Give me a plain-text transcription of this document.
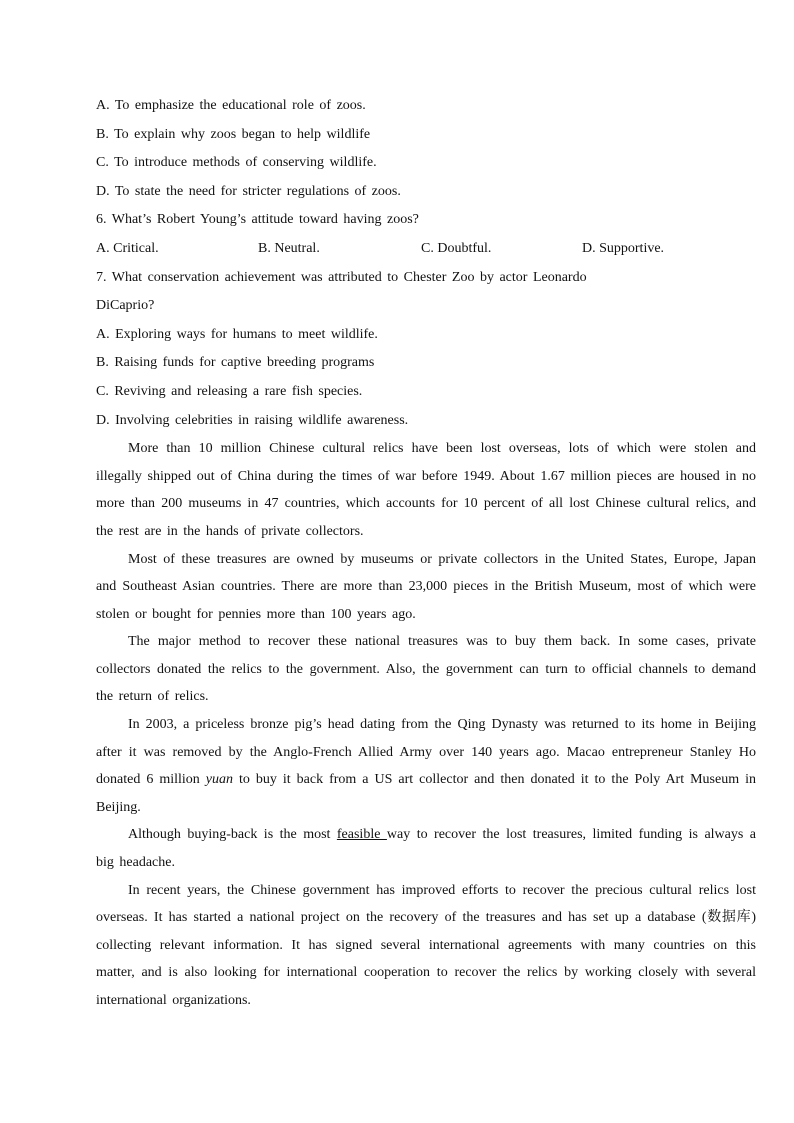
A. To emphasize the educational role of zoos.
B. To explain why zoos began to help wildlife
C. To introduce methods of conserving wildlife.
D. To state the need for stricter regulations of zoos.
6. What’s Robert Young’s attitude toward having zoos?
A. Critical.	B. Neutral.	C. Doubtful.	D. Supportive.
7. What conservation achievement was attributed to Chester Zoo by actor Leonardo
DiCaprio?
A. Exploring ways for humans to meet wildlife.
B. Raising funds for captive breeding programs
C. Reviving and releasing a rare fish species.
D. Involving celebrities in raising wildlife awareness.

More than 10 million Chinese cultural relics have been lost overseas, lots of which were stolen and illegally shipped out of China during the times of war before 1949. About 1.67 million pieces are housed in no more than 200 museums in 47 countries, which accounts for 10 percent of all lost Chinese cultural relics, and the rest are in the hands of private collectors.

Most of these treasures are owned by museums or private collectors in the United States, Europe, Japan and Southeast Asian countries. There are more than 23,000 pieces in the British Museum, most of which were stolen or bought for pennies more than 100 years ago.

The major method to recover these national treasures was to buy them back. In some cases, private collectors donated the relics to the government. Also, the government can turn to official channels to demand the return of relics.

In 2003, a priceless bronze pig’s head dating from the Qing Dynasty was returned to its home in Beijing after it was removed by the Anglo-French Allied Army over 140 years ago. Macao entrepreneur Stanley Ho donated 6 million yuan to buy it back from a US art collector and then donated it to the Poly Art Museum in Beijing.

Although buying-back is the most feasible way to recover the lost treasures, limited funding is always a big headache.

In recent years, the Chinese government has improved efforts to recover the precious cultural relics lost overseas. It has started a national project on the recovery of the treasures and has set up a database (数据库) collecting relevant information. It has signed several international agreements with many countries on this matter, and is also looking for international cooperation to recover the relics by working closely with several international organizations.
